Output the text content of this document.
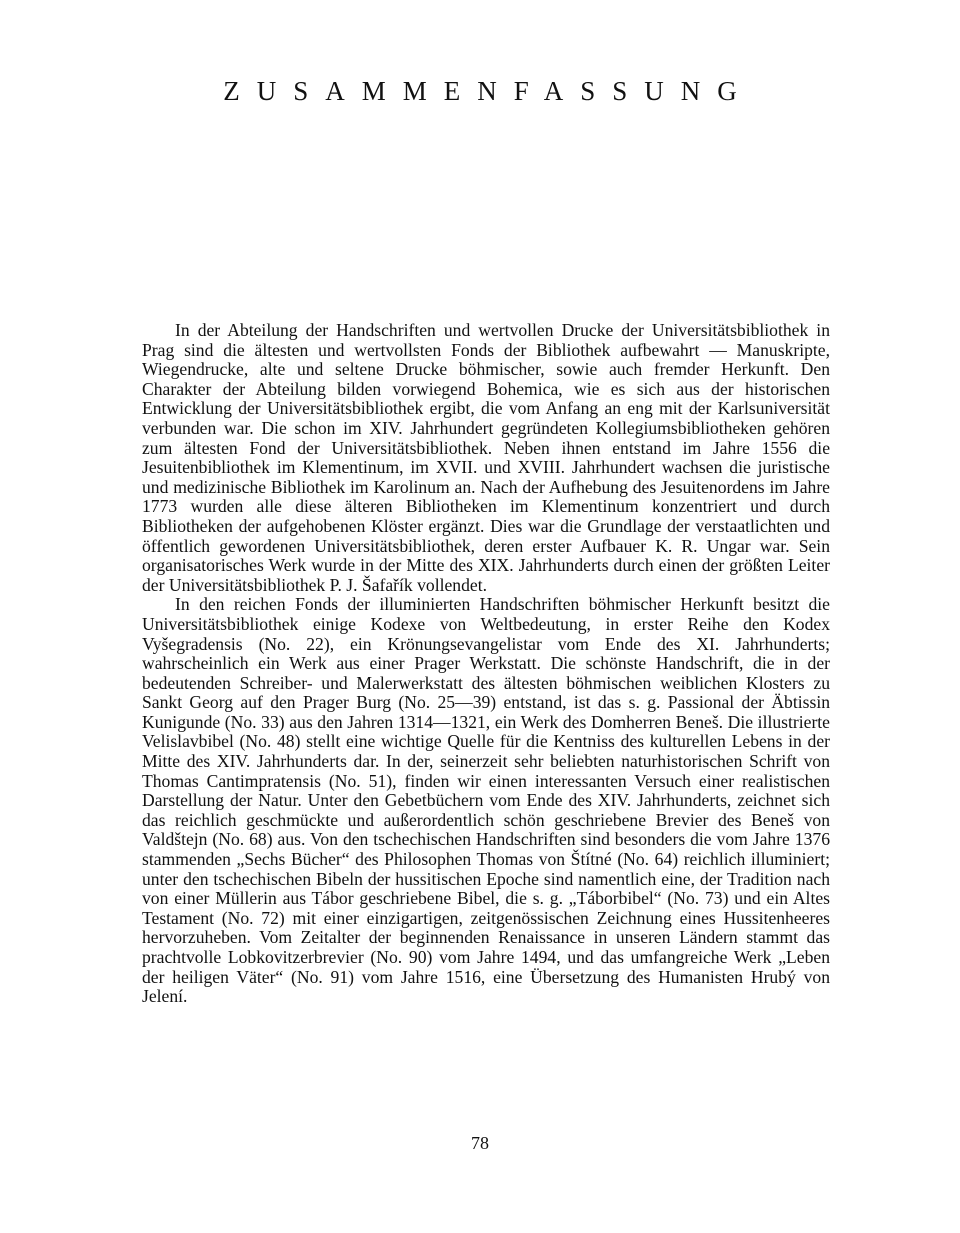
ZUSAMMENFASSUNG

In der Abteilung der Handschriften und wertvollen Drucke der Universitätsbibliothek in Prag sind die ältesten und wertvollsten Fonds der Bibliothek aufbewahrt — Manuskripte, Wiegendrucke, alte und seltene Drucke böhmischer, sowie auch fremder Herkunft. Den Charakter der Abteilung bilden vorwiegend Bohemica, wie es sich aus der historischen Entwicklung der Universitätsbibliothek ergibt, die vom Anfang an eng mit der Karlsuniversität verbunden war. Die schon im XIV. Jahrhundert gegründeten Kollegiumsbibliotheken gehören zum ältesten Fond der Universitätsbibliothek. Neben ihnen entstand im Jahre 1556 die Jesuitenbibliothek im Klementinum, im XVII. und XVIII. Jahrhundert wachsen die juristische und medizinische Bibliothek im Karolinum an. Nach der Aufhebung des Jesuitenordens im Jahre 1773 wurden alle diese älteren Bibliotheken im Klementinum konzentriert und durch Bibliotheken der aufgehobenen Klöster ergänzt. Dies war die Grundlage der verstaatlichten und öffentlich gewordenen Universitätsbibliothek, deren erster Aufbauer K. R. Ungar war. Sein organisatorisches Werk wurde in der Mitte des XIX. Jahrhunderts durch einen der größten Leiter der Universitätsbibliothek P. J. Šafařík vollendet.

In den reichen Fonds der illuminierten Handschriften böhmischer Herkunft besitzt die Universitätsbibliothek einige Kodexe von Weltbedeutung, in erster Reihe den Kodex Vyšegradensis (No. 22), ein Krönungsevangelistar vom Ende des XI. Jahrhunderts; wahrscheinlich ein Werk aus einer Prager Werkstatt. Die schönste Handschrift, die in der bedeutenden Schreiber- und Malerwerkstatt des ältesten böhmischen weiblichen Klosters zu Sankt Georg auf den Prager Burg (No. 25—39) entstand, ist das s. g. Passional der Äbtissin Kunigunde (No. 33) aus den Jahren 1314—1321, ein Werk des Domherren Beneš. Die illustrierte Velislavbibel (No. 48) stellt eine wichtige Quelle für die Kentniss des kulturellen Lebens in der Mitte des XIV. Jahrhunderts dar. In der, seinerzeit sehr beliebten naturhistorischen Schrift von Thomas Cantimpratensis (No. 51), finden wir einen interessanten Versuch einer realistischen Darstellung der Natur. Unter den Gebetbüchern vom Ende des XIV. Jahrhunderts, zeichnet sich das reichlich geschmückte und außerordentlich schön geschriebene Brevier des Beneš von Valdštejn (No. 68) aus. Von den tschechischen Handschriften sind besonders die vom Jahre 1376 stammenden „Sechs Bücher“ des Philosophen Thomas von Štítné (No. 64) reichlich illuminiert; unter den tschechischen Bibeln der hussitischen Epoche sind namentlich eine, der Tradition nach von einer Müllerin aus Tábor geschriebene Bibel, die s. g. „Táborbibel“ (No. 73) und ein Altes Testament (No. 72) mit einer einzigartigen, zeitgenössischen Zeichnung eines Hussitenheeres hervorzuheben. Vom Zeitalter der beginnenden Renaissance in unseren Ländern stammt das prachtvolle Lobkovitzerbrevier (No. 90) vom Jahre 1494, und das umfangreiche Werk „Leben der heiligen Väter“ (No. 91) vom Jahre 1516, eine Übersetzung des Humanisten Hrubý von Jelení.

78
